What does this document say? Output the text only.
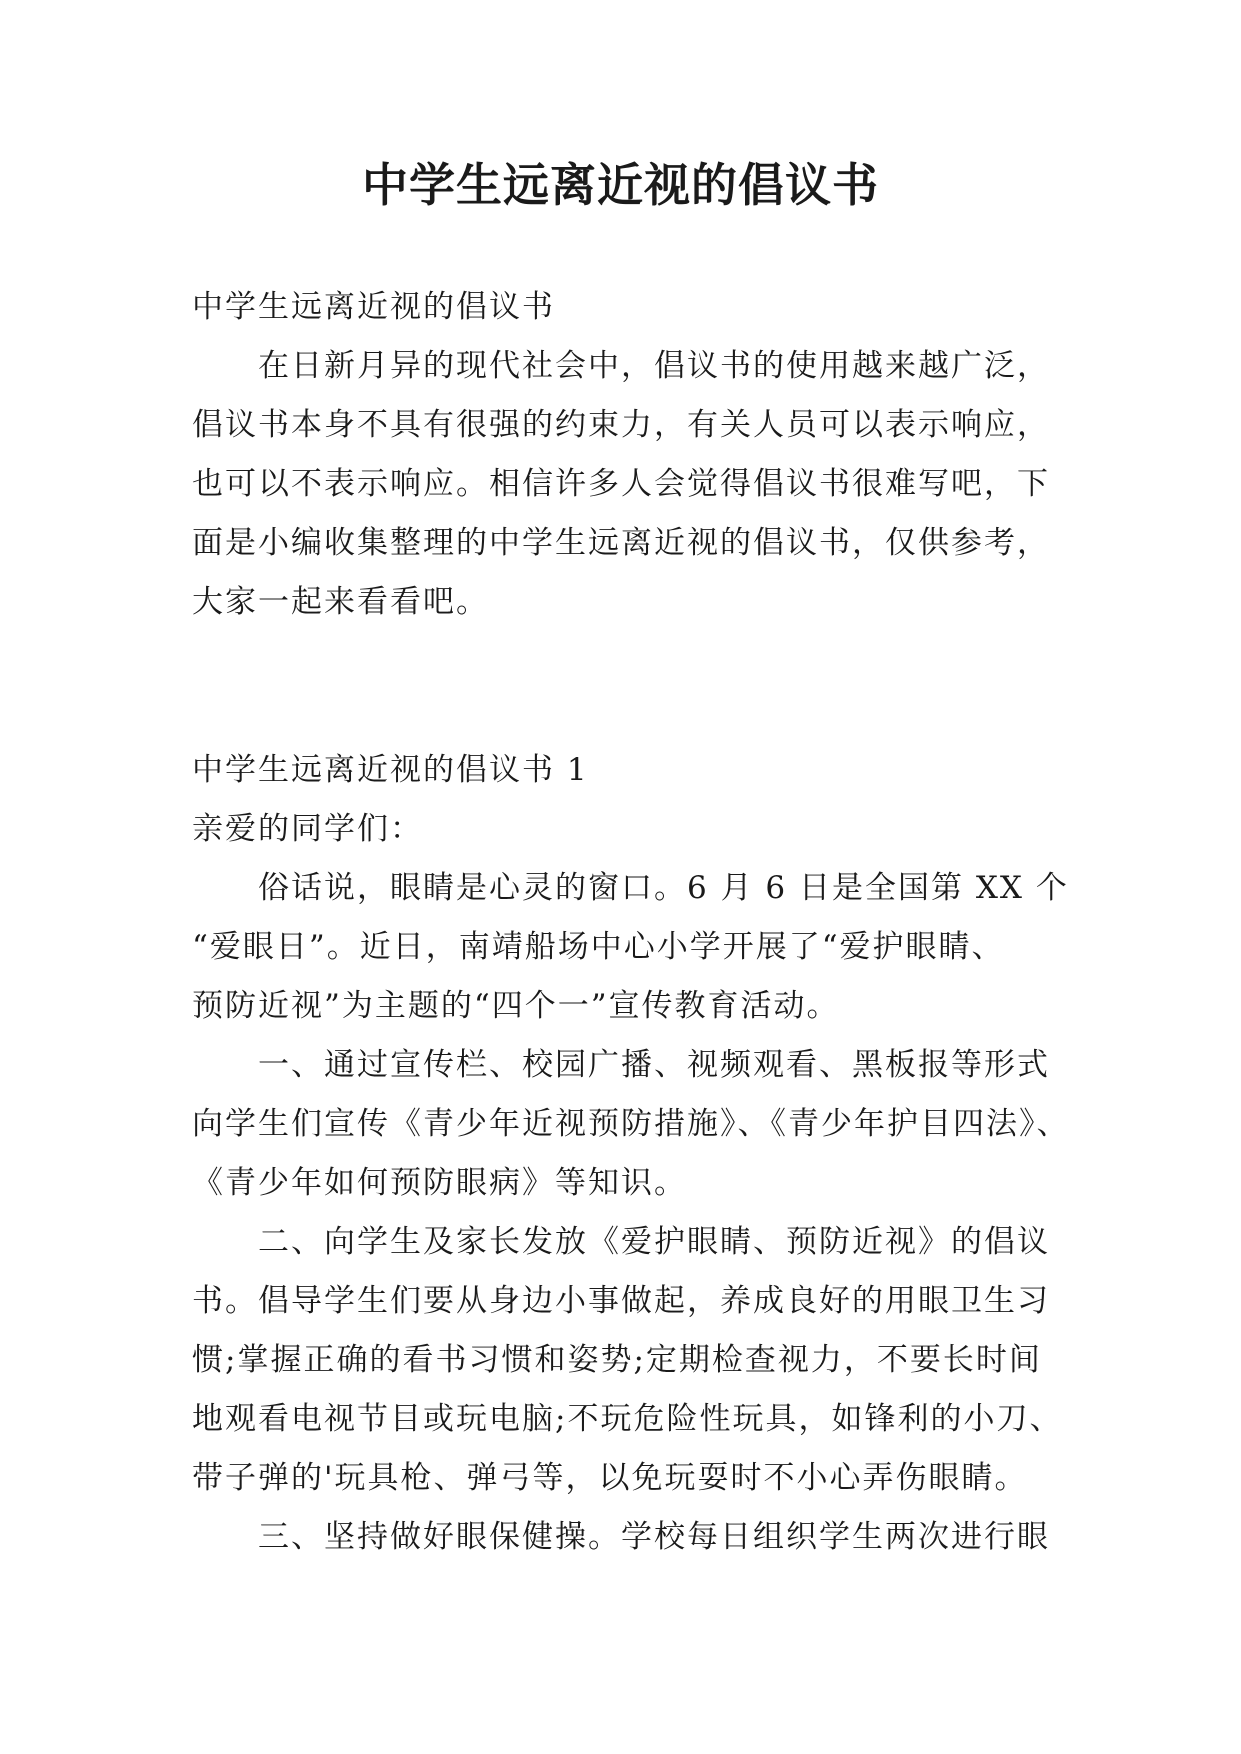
中学生远离近视的倡议书
中学生远离近视的倡议书
在日新月异的现代社会中，倡议书的使用越来越广泛，
倡议书本身不具有很强的约束力，有关人员可以表示响应，
也可以不表示响应。相信许多人会觉得倡议书很难写吧，下
面是小编收集整理的中学生远离近视的倡议书，仅供参考，
大家一起来看看吧。
中学生远离近视的倡议书 1
亲爱的同学们：
俗话说，眼睛是心灵的窗口。6 月 6 日是全国第 XX 个
“爱眼日”。近日，南靖船场中心小学开展了“爱护眼睛、
预防近视”为主题的“四个一”宣传教育活动。
一、通过宣传栏、校园广播、视频观看、黑板报等形式
向学生们宣传《青少年近视预防措施》、《青少年护目四法》、
《青少年如何预防眼病》等知识。
二、向学生及家长发放《爱护眼睛、预防近视》的倡议
书。倡导学生们要从身边小事做起，养成良好的用眼卫生习
惯;掌握正确的看书习惯和姿势;定期检查视力，不要长时间
地观看电视节目或玩电脑;不玩危险性玩具，如锋利的小刀、
带子弹的'玩具枪、弹弓等，以免玩耍时不小心弄伤眼睛。
三、坚持做好眼保健操。学校每日组织学生两次进行眼
